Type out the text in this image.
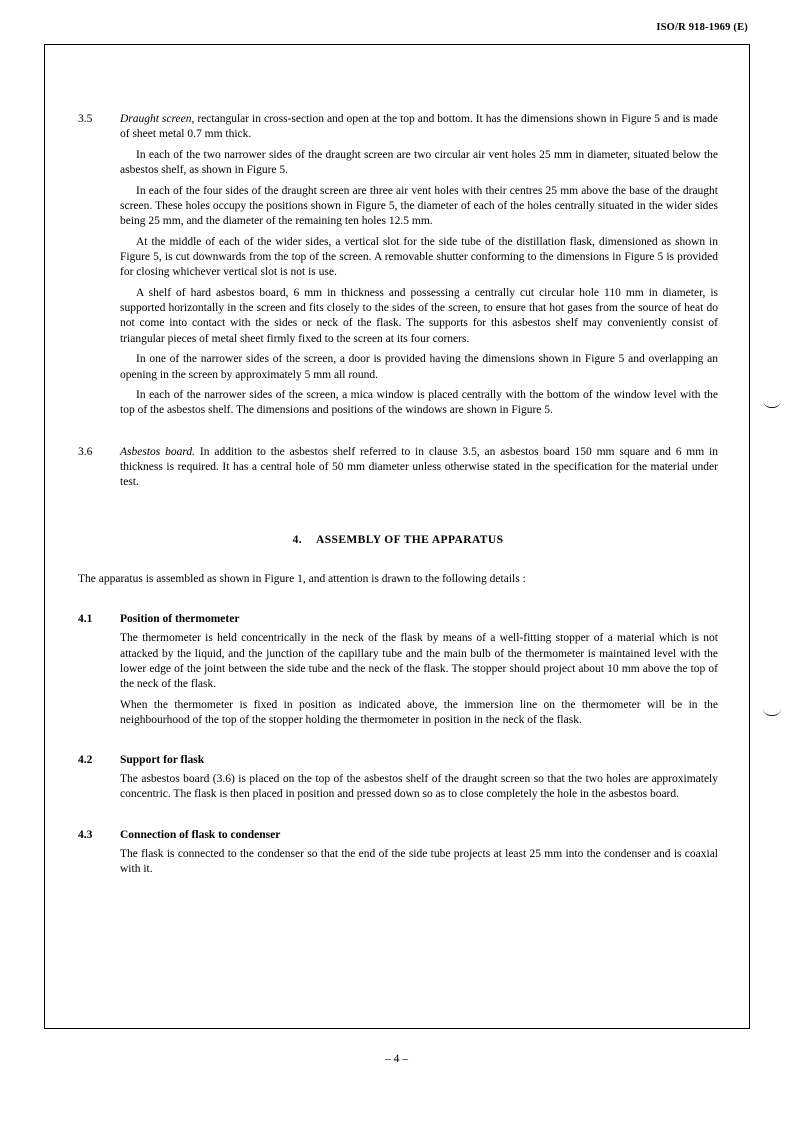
ISO/R 918-1969 (E)
3.5	Draught screen, rectangular in cross-section and open at the top and bottom. It has the dimensions shown in Figure 5 and is made of sheet metal 0.7 mm thick.

In each of the two narrower sides of the draught screen are two circular air vent holes 25 mm in diameter, situated below the asbestos shelf, as shown in Figure 5.

In each of the four sides of the draught screen are three air vent holes with their centres 25 mm above the base of the draught screen. These holes occupy the positions shown in Figure 5, the diameter of each of the holes centrally situated in the wider sides being 25 mm, and the diameter of the remaining ten holes 12.5 mm.

At the middle of each of the wider sides, a vertical slot for the side tube of the distillation flask, dimensioned as shown in Figure 5, is cut downwards from the top of the screen. A removable shutter conforming to the dimensions in Figure 5 is provided for closing whichever vertical slot is not is use.

A shelf of hard asbestos board, 6 mm in thickness and possessing a centrally cut circular hole 110 mm in diameter, is supported horizontally in the screen and fits closely to the sides of the screen, to ensure that hot gases from the source of heat do not come into contact with the sides or neck of the flask. The supports for this asbestos shelf may conveniently consist of triangular pieces of metal sheet firmly fixed to the screen at its four corners.

In one of the narrower sides of the screen, a door is provided having the dimensions shown in Figure 5 and overlapping an opening in the screen by approximately 5 mm all round.

In each of the narrower sides of the screen, a mica window is placed centrally with the bottom of the window level with the top of the asbestos shelf. The dimensions and positions of the windows are shown in Figure 5.

3.6	Asbestos board. In addition to the asbestos shelf referred to in clause 3.5, an asbestos board 150 mm square and 6 mm in thickness is required. It has a central hole of 50 mm diameter unless otherwise stated in the specification for the material under test.

4. ASSEMBLY OF THE APPARATUS

The apparatus is assembled as shown in Figure 1, and attention is drawn to the following details :

4.1	Position of thermometer

The thermometer is held concentrically in the neck of the flask by means of a well-fitting stopper of a material which is not attacked by the liquid, and the junction of the capillary tube and the main bulb of the thermometer is maintained level with the lower edge of the joint between the side tube and the neck of the flask. The stopper should project about 10 mm above the top of the neck of the flask.

When the thermometer is fixed in position as indicated above, the immersion line on the thermometer will be in the neighbourhood of the top of the stopper holding the thermometer in position in the neck of the flask.

4.2	Support for flask

The asbestos board (3.6) is placed on the top of the asbestos shelf of the draught screen so that the two holes are approximately concentric. The flask is then placed in position and pressed down so as to close completely the hole in the asbestos board.

4.3	Connection of flask to condenser

The flask is connected to the condenser so that the end of the side tube projects at least 25 mm into the condenser and is coaxial with it.

– 4 –
